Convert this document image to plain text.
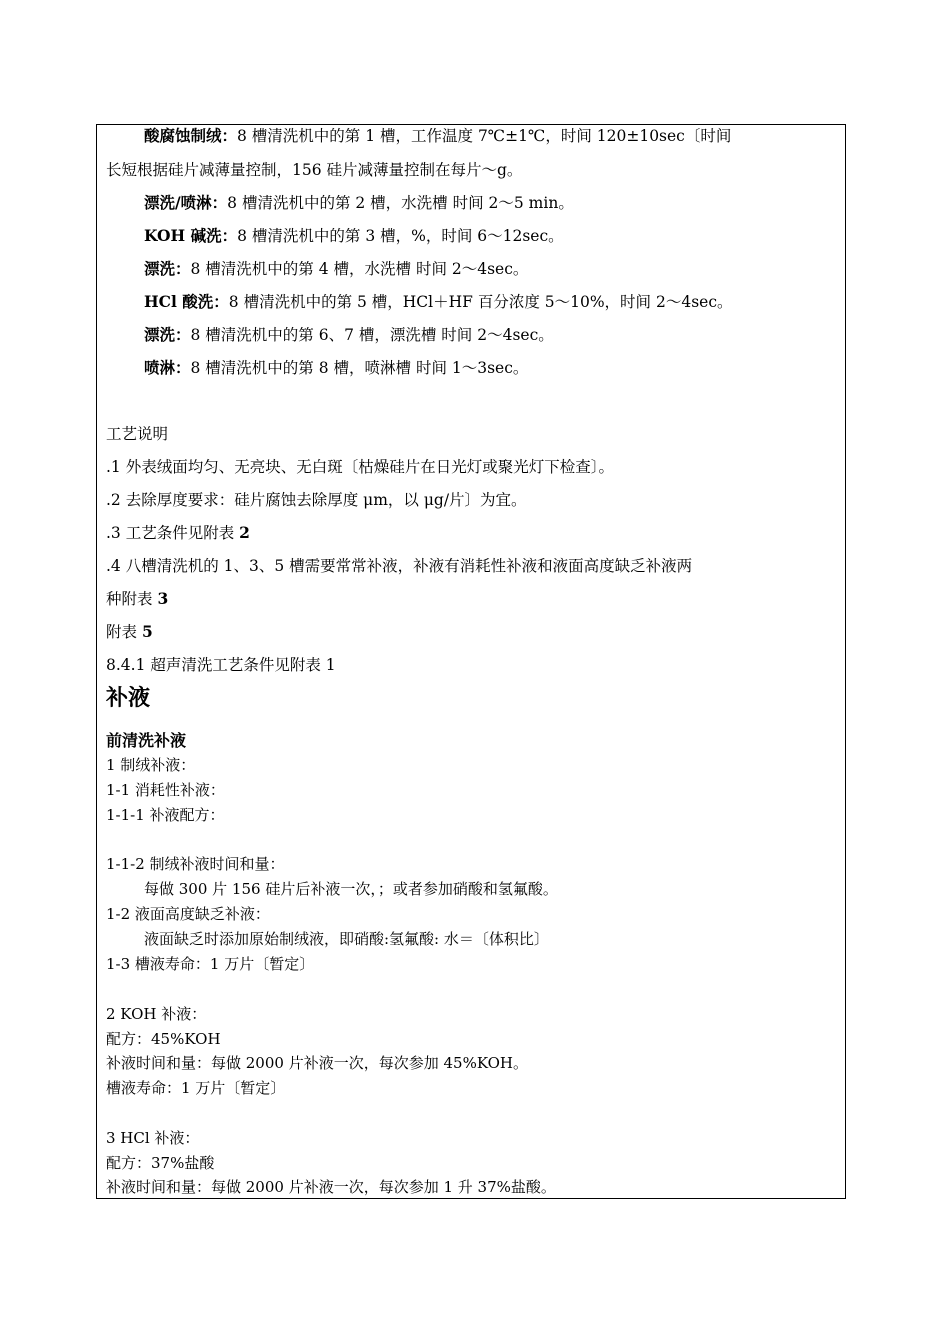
酸腐蚀制绒：8 槽清洗机中的第 1 槽，工作温度 7℃±1℃，时间 120±10sec〔时间
长短根据硅片减薄量控制，156 硅片减薄量控制在每片～g。
漂洗/喷淋：8 槽清洗机中的第 2 槽，水洗槽 时间 2～5 min。
KOH 碱洗：8 槽清洗机中的第 3 槽，%，时间 6～12sec。
漂洗：8 槽清洗机中的第 4 槽，水洗槽 时间 2～4sec。
HCl 酸洗：8 槽清洗机中的第 5 槽，HCl＋HF 百分浓度 5～10%，时间 2～4sec。
漂洗：8 槽清洗机中的第 6、7 槽，漂洗槽 时间 2～4sec。
喷淋：8 槽清洗机中的第 8 槽，喷淋槽 时间 1～3sec。
工艺说明
.1 外表绒面均匀、无亮块、无白斑〔枯燥硅片在日光灯或聚光灯下检查〕。
.2 去除厚度要求：硅片腐蚀去除厚度 μm，以 μg/片〕为宜。
.3 工艺条件见附表 2
.4 八槽清洗机的 1、3、5 槽需要常常补液，补液有消耗性补液和液面高度缺乏补液两
种附表 3
附表 5
8.4.1 超声清洗工艺条件见附表 1
补液
前清洗补液
1 制绒补液：
1-1 消耗性补液：
1-1-1 补液配方：
1-1-2 制绒补液时间和量：
每做 300 片 156 硅片后补液一次，；或者参加硝酸和氢氟酸。
1-2 液面高度缺乏补液：
液面缺乏时添加原始制绒液，即硝酸:氢氟酸: 水＝〔体积比〕
1-3 槽液寿命：1 万片〔暂定〕
2 KOH 补液：
配方：45%KOH
补液时间和量：每做 2000 片补液一次，每次参加 45%KOH。
槽液寿命：1 万片〔暂定〕
3 HCl 补液：
配方：37%盐酸
补液时间和量：每做 2000 片补液一次，每次参加 1 升 37%盐酸。
